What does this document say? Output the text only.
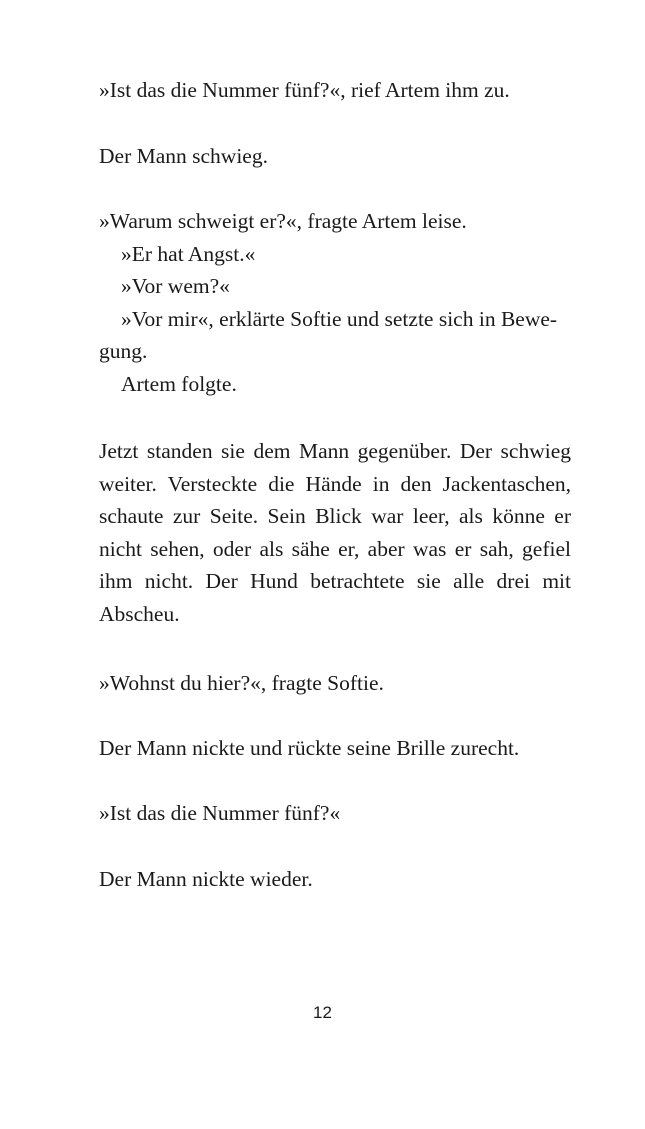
»Ist das die Nummer fünf?«, rief Artem ihm zu.
Der Mann schwieg.
»Warum schweigt er?«, fragte Artem leise.
»Er hat Angst.«
»Vor wem?«
»Vor mir«, erklärte Softie und setzte sich in Bewe-
gung.
Artem folgte.
Jetzt standen sie dem Mann gegenüber. Der schwieg
weiter. Versteckte die Hände in den Jackentaschen,
schaute zur Seite. Sein Blick war leer, als könne er
nicht sehen, oder als sähe er, aber was er sah, gefiel
ihm nicht. Der Hund betrachtete sie alle drei mit
Abscheu.
»Wohnst du hier?«, fragte Softie.
Der Mann nickte und rückte seine Brille zurecht.
»Ist das die Nummer fünf?«
Der Mann nickte wieder.
12
